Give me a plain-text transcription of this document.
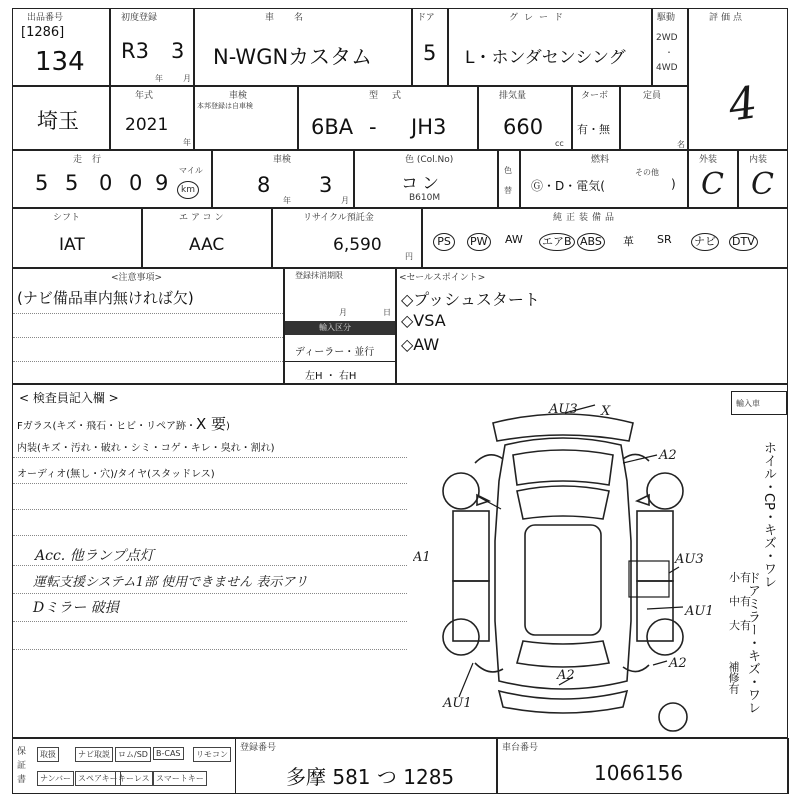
出品番号
[1286]
134
初度登録
R3 3
年	月
車名
N-WGNカスタム
ドア
5
グレード
L・ホンダセンシング
駆動
2WD
・
4WD
評価点
4
埼玉
年式
2021
年
車検
本邦登録は自車検
型式
6BA - JH3
排気量
660
cc
ターボ
有・無
定員
名
走行
5 5 0 0 9
マイル
km
車検
8
年
3
月
色 (Col.No)
コン
B610M
色
替
燃料
Ⓖ・D・電気(
その他
)
外装
C
内装
C
シフト
IAT
エアコン
AAC
リサイクル預託金
6,590
円
純正装備品
PS	PW AW エアB ABS 革 SR ナビ DTV
<注意事項>
(ナビ備品車内無ければ欠)
登録抹消期限
月	日
輸入区分
ディーラー・並行
左H ・ 右H
<セールスポイント>
◇プッシュスタート
◇VSA
◇AW
< 検査員記入欄 >
Fガラス(キズ・飛石・ヒビ・リペア跡・X 要)
内装(キズ・汚れ・破れ・シミ・コゲ・キレ・臭れ・割れ)
オーディオ(無し・穴)/タイヤ(スタッドレス)
Acc. 他ランプ点灯
運転支援システム1部 使用できません 表示アリ
Dミラー 破損
AU3 X
A2
A1	AU3
AU1
A2
A2
AU1
輸入車
ホイル・CP・キズ・ワレ
ドアミラー・キズ・ワレ
小有
中有
大有
補修有
保証書
取扱	ナビ取説	ロム/SD	B-CAS	リモコン
ナンバー スペアキー キーレス スマートキー
登録番号
多摩 581 つ 1285
車台番号
1066156
